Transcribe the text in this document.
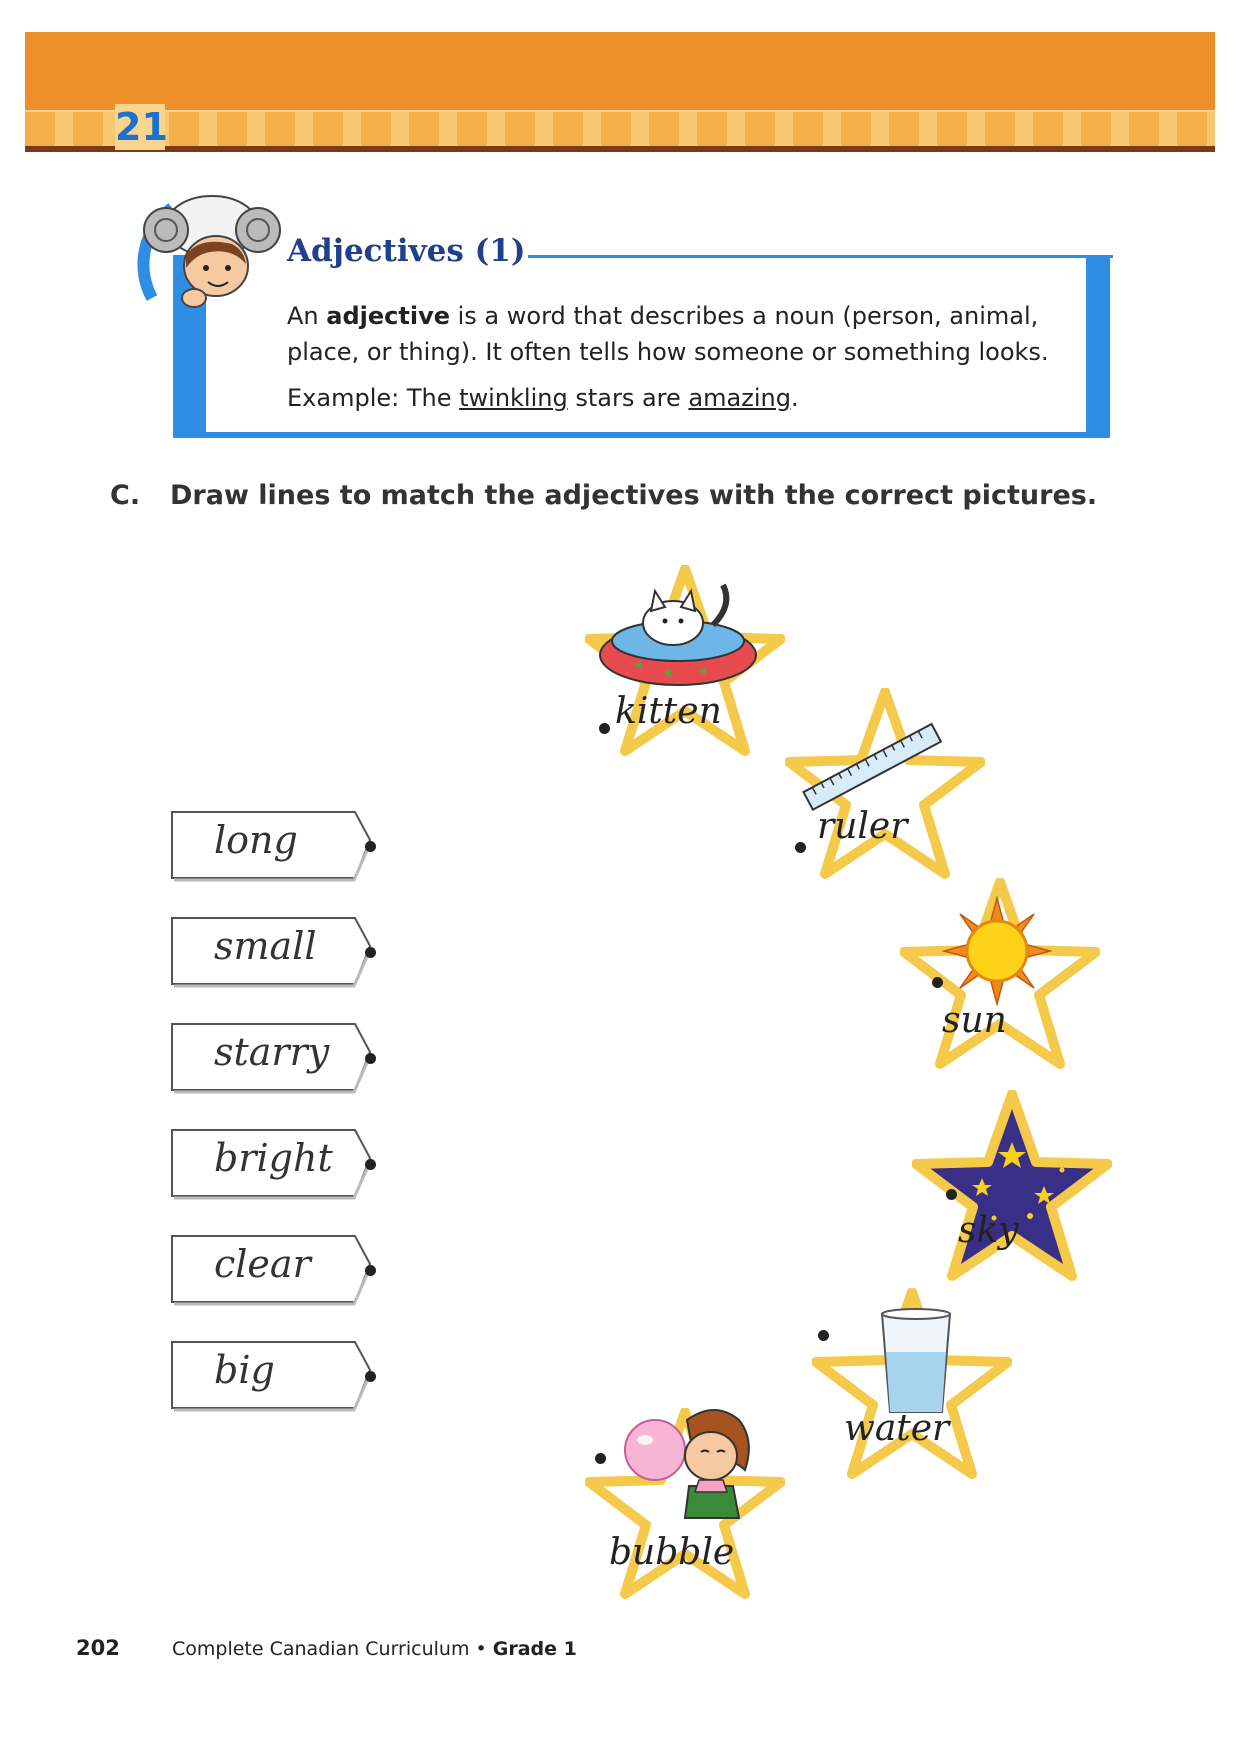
21
Adjectives (1)
An adjective is a word that describes a noun (person, animal,
place, or thing). It often tells how someone or something looks.
Example: The twinkling stars are amazing.
C. Draw lines to match the adjectives with the correct pictures.
long
small
starry
bright
clear
big
kitten
ruler
sun
sky
water
bubble
202	Complete Canadian Curriculum • Grade 1
